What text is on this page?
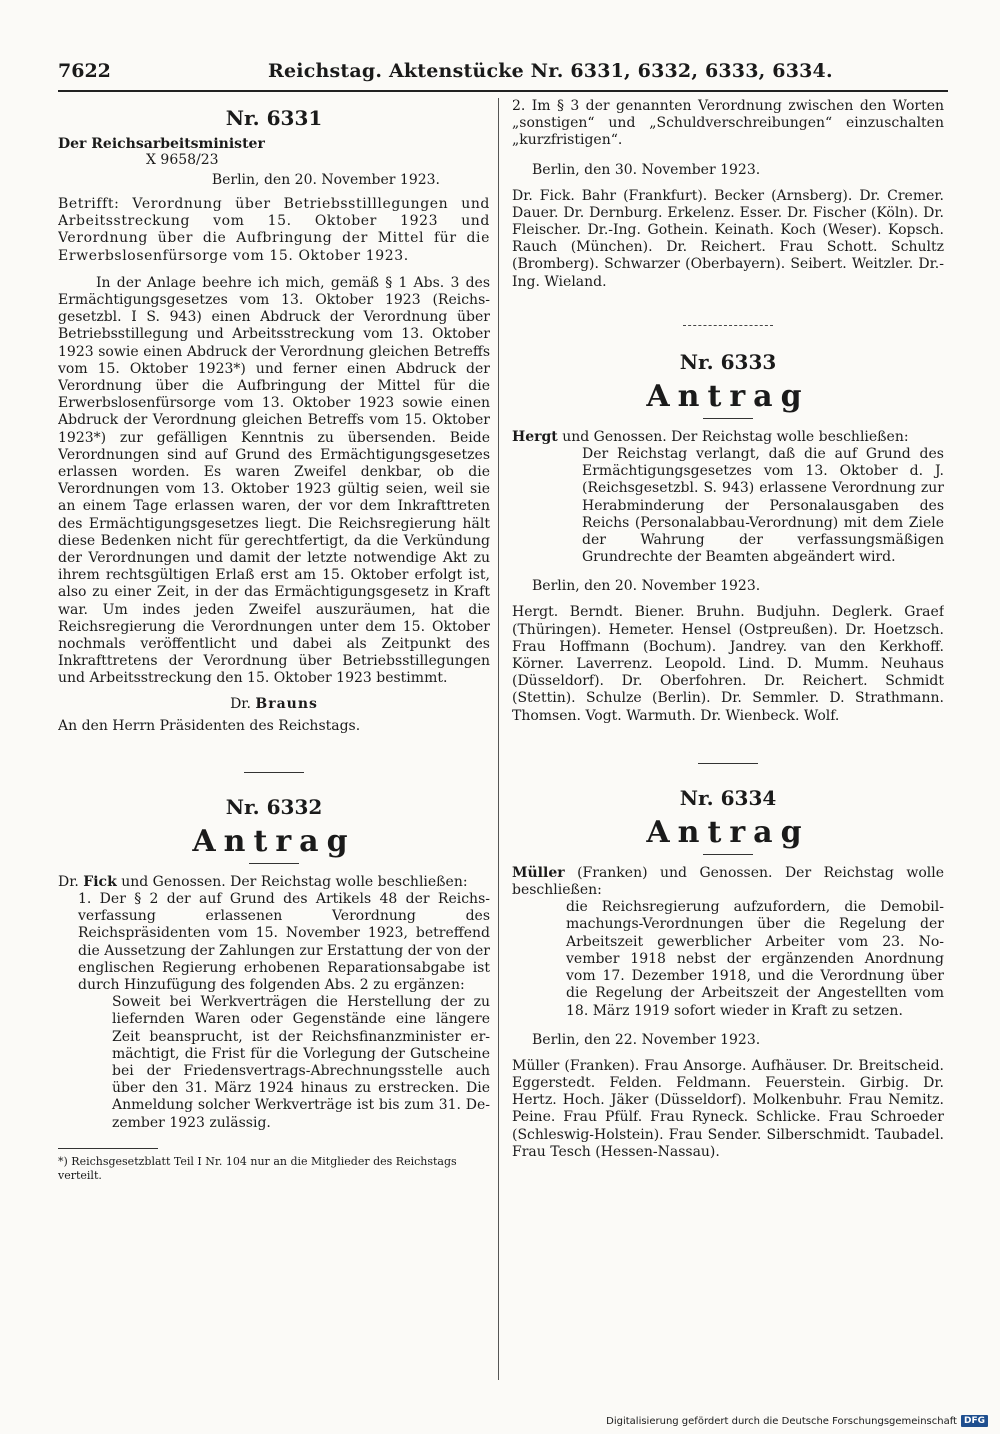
7622	Reichstag. Aktenstücke Nr. 6331, 6332, 6333, 6334.
Nr. 6331

Der Reichsarbeitsminister

X 9658/23

Berlin, den 20. November 1923.

Betrifft: Verordnung über Betriebsstilllegungen und Arbeitsstreckung vom 15. Oktober 1923 und Verordnung über die Aufbringung der Mittel für die Erwerbslosenfürsorge vom 15. Oktober 1923.

In der Anlage beehre ich mich, gemäß § 1 Abs. 3 des Ermächtigungsgesetzes vom 13. Oktober 1923 (Reichsgesetzbl. I S. 943) einen Abdruck der Verordnung über Betriebsstillegung und Arbeitsstreckung vom 13. Oktober 1923 sowie einen Abdruck der Verordnung gleichen Betreffs vom 15. Oktober 1923*) und ferner einen Abdruck der Verordnung über die Aufbringung der Mittel für die Erwerbslosenfürsorge vom 13. Oktober 1923 sowie einen Abdruck der Verordnung gleichen Betreffs vom 15. Oktober 1923*) zur gefälligen Kenntnis zu übersenden. Beide Verordnungen sind auf Grund des Ermächtigungsgesetzes erlassen worden. Es waren Zweifel denkbar, ob die Verordnungen vom 13. Oktober 1923 gültig seien, weil sie an einem Tage erlassen waren, der vor dem Inkrafttreten des Ermächtigungsgesetzes liegt. Die Reichsregierung hält diese Bedenken nicht für gerechtfertigt, da die Verkündung der Verordnungen und damit der letzte notwendige Akt zu ihrem rechtsgültigen Erlaß erst am 15. Oktober erfolgt ist, also zu einer Zeit, in der das Ermächtigungsgesetz in Kraft war. Um indes jeden Zweifel auszuräumen, hat die Reichsregierung die Verordnungen unter dem 15. Oktober nochmals veröffentlicht und dabei als Zeitpunkt des Inkrafttretens der Verordnung über Betriebsstillegungen und Arbeitsstreckung den 15. Oktober 1923 bestimmt.

Dr. Brauns

An den Herrn Präsidenten des Reichstags.

Nr. 6332
Antrag

Dr. Fick und Genossen. Der Reichstag wolle beschließen:

1. Der § 2 der auf Grund des Artikels 48 der Reichsverfassung erlassenen Verordnung des Reichspräsidenten vom 15. November 1923, betreffend die Aussetzung der Zahlungen zur Erstattung der von der englischen Regierung erhobenen Reparationsabgabe ist durch Hinzufügung des folgenden Abs. 2 zu ergänzen:

Soweit bei Werkverträgen die Herstellung der zu liefernden Waren oder Gegenstände eine längere Zeit beansprucht, ist der Reichsfinanzminister ermächtigt, die Frist für die Vorlegung der Gutscheine bei der Friedensvertrags-Abrechnungsstelle auch über den 31. März 1924 hinaus zu erstrecken. Die Anmeldung solcher Werkverträge ist bis zum 31. Dezember 1923 zulässig.

*) Reichsgesetzblatt Teil I Nr. 104 nur an die Mitglieder des Reichstags verteilt.

2. Im § 3 der genannten Verordnung zwischen den Worten „sonstigen“ und „Schuldverschreibungen“ einzuschalten „kurzfristigen“.

Berlin, den 30. November 1923.

Dr. Fick. Bahr (Frankfurt). Becker (Arnsberg). Dr. Cremer. Dauer. Dr. Dernburg. Erkelenz. Esser. Dr. Fischer (Köln). Dr. Fleischer. Dr.-Ing. Gothein. Keinath. Koch (Weser). Kopsch. Rauch (München). Dr. Reichert. Frau Schott. Schultz (Bromberg). Schwarzer (Oberbayern). Seibert. Weitzler. Dr.-Ing. Wieland.

Nr. 6333
Antrag

Hergt und Genossen. Der Reichstag wolle beschließen:

Der Reichstag verlangt, daß die auf Grund des Ermächtigungsgesetzes vom 13. Oktober d. J. (Reichsgesetzbl. S. 943) erlassene Verordnung zur Herabminderung der Personalausgaben des Reichs (Personalabbau-Verordnung) mit dem Ziele der Wahrung der verfassungsmäßigen Grundrechte der Beamten abgeändert wird.

Berlin, den 20. November 1923.

Hergt. Berndt. Biener. Bruhn. Budjuhn. Deglerk. Graef (Thüringen). Hemeter. Hensel (Ostpreußen). Dr. Hoetzsch. Frau Hoffmann (Bochum). Jandrey. van den Kerkhoff. Körner. Laverrenz. Leopold. Lind. D. Mumm. Neuhaus (Düsseldorf). Dr. Oberfohren. Dr. Reichert. Schmidt (Stettin). Schulze (Berlin). Dr. Semmler. D. Strathmann. Thomsen. Vogt. Warmuth. Dr. Wienbeck. Wolf.

Nr. 6334
Antrag

Müller (Franken) und Genossen. Der Reichstag wolle beschließen:

die Reichsregierung aufzufordern, die Demobilmachungs-Verordnungen über die Regelung der Arbeitszeit gewerblicher Arbeiter vom 23. November 1918 nebst der ergänzenden Anordnung vom 17. Dezember 1918, und die Verordnung über die Regelung der Arbeitszeit der Angestellten vom 18. März 1919 sofort wieder in Kraft zu setzen.

Berlin, den 22. November 1923.

Müller (Franken). Frau Ansorge. Aufhäuser. Dr. Breitscheid. Eggerstedt. Felden. Feldmann. Feuerstein. Girbig. Dr. Hertz. Hoch. Jäker (Düsseldorf). Molkenbuhr. Frau Nemitz. Peine. Frau Pfülf. Frau Ryneck. Schlicke. Frau Schroeder (Schleswig-Holstein). Frau Sender. Silberschmidt. Taubadel. Frau Tesch (Hessen-Nassau).

Digitalisierung gefördert durch die Deutsche Forschungsgemeinschaft DFG
